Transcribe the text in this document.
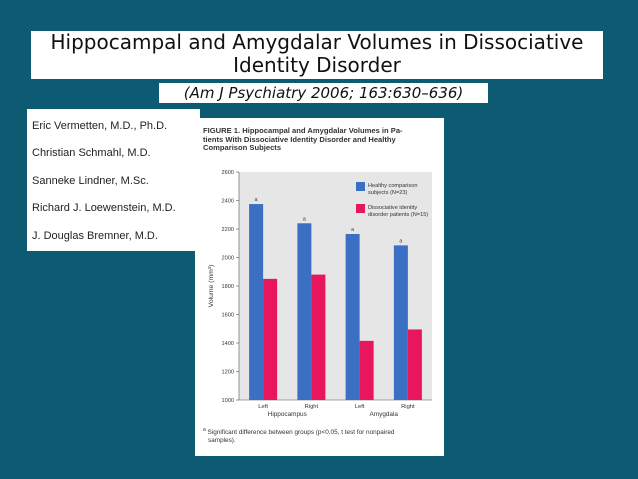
Hippocampal and Amygdalar Volumes in Dissociative
Identity Disorder
(Am J Psychiatry 2006; 163:630–636)
Eric Vermetten, M.D., Ph.D.
Christian Schmahl, M.D.
Sanneke Lindner, M.Sc.
Richard J. Loewenstein, M.D.
J. Douglas Bremner, M.D.
FIGURE 1. Hippocampal and Amygdalar Volumes in Pa-
tients With Dissociative Identity Disorder and Healthy
Comparison Subjects
1000
1200
1400
1600
1800
2000
2200
2400
2600
Volume (mm³)
a
Left
a
Right
a
Left
a
Right
Hippocampus	Amygdala
Healthy comparison
subjects (N=23)
Dissociative identity
disorder patients (N=15)
$^a$ Significant difference between groups (p<0.05, t test for nonpaired
samples).
